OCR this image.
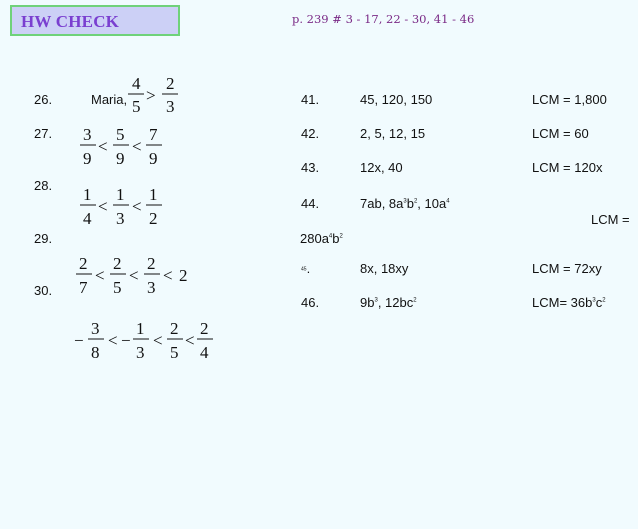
HW CHECK	p. 239 # 3 - 17, 22 - 30, 41 - 46
26.	Maria,
27.
28.
29.
30.
4
5
>
2
3
3
9
<
5
9
<
7
9
1
4
<
1
3
<
1
2
2
7
<
2
5
<
2
3
< 2
−
3
8
< −
1
3
<
2
5
<
2
4
41.	45, 120, 150	LCM = 1,800
42.	2, 5, 12, 15	LCM = 60
43.	12x, 40	LCM = 120x
44.	7ab, $8a^3b^2$, $10a^4$
LCM =
$280a^4b^2$
45.	8x, 18xy	LCM = 72xy
46.	$9b^3$, $12bc^2$	$LCM= 36b^3c^2$
